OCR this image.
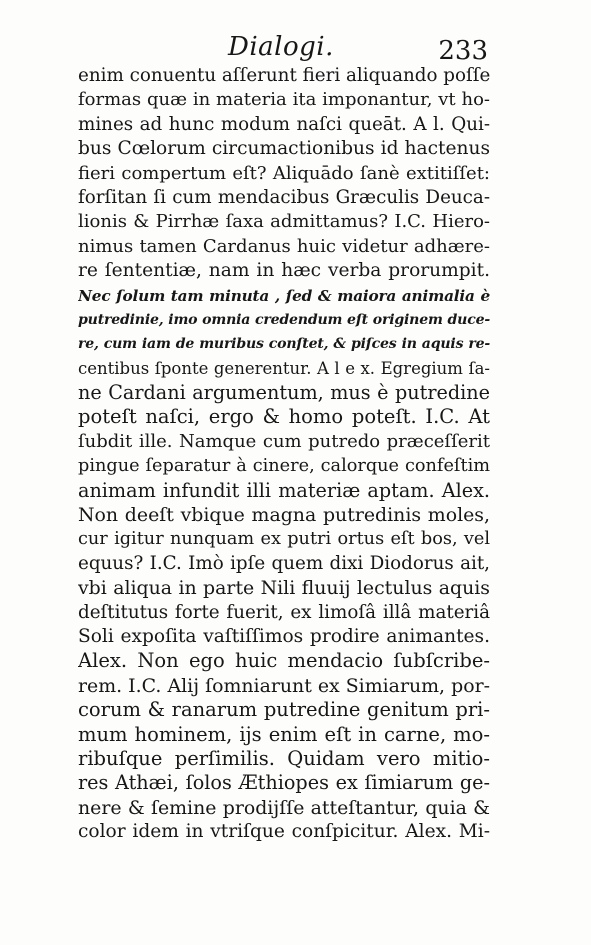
Dialogi.	233
enim conuentu aſſerunt fieri aliquando poſſe
formas quæ in materia ita imponantur, vt ho-
mines ad hunc modum naſci queāt. A l. Qui-
bus Cœlorum circumactionibus id hactenus
fieri compertum eſt? Aliquādo ſanè extitiſſet:
forſitan ſi cum mendacibus Græculis Deuca-
lionis & Pirrhæ ſaxa admittamus? I.C. Hiero-
nimus tamen Cardanus huic videtur adhære-
re ſententiæ, nam in hæc verba prorumpit.
Nec ſolum tam minuta , ſed & maiora animalia è
putredinie, imo omnia credendum eſt originem duce-
re, cum iam de muribus conſtet, & piſces in aquis re-
centibus ſponte generentur. A l e x. Egregium ſa-
ne Cardani argumentum, mus è putredine
poteſt naſci, ergo & homo poteſt. I.C. At
ſubdit ille. Namque cum putredo præceſſerit
pingue ſeparatur à cinere, calorque confeſtim
animam infundit illi materiæ aptam. Alex.
Non deeſt vbique magna putredinis moles,
cur igitur nunquam ex putri ortus eſt bos, vel
equus? I.C. Imò ipſe quem dixi Diodorus ait,
vbi aliqua in parte Nili fluuij lectulus aquis
deſtitutus forte fuerit, ex limoſâ illâ materiâ
Soli expoſita vaſtiſſimos prodire animantes.
Alex. Non ego huic mendacio ſubſcribe-
rem. I.C. Alij ſomniarunt ex Simiarum, por-
corum & ranarum putredine genitum pri-
mum hominem, ijs enim eſt in carne, mo-
ribuſque perſimilis. Quidam vero mitio-
res Athæi, ſolos Æthiopes ex ſimiarum ge-
nere & ſemine prodijſſe atteſtantur, quia &
color idem in vtriſque conſpicitur. Alex. Mi-
